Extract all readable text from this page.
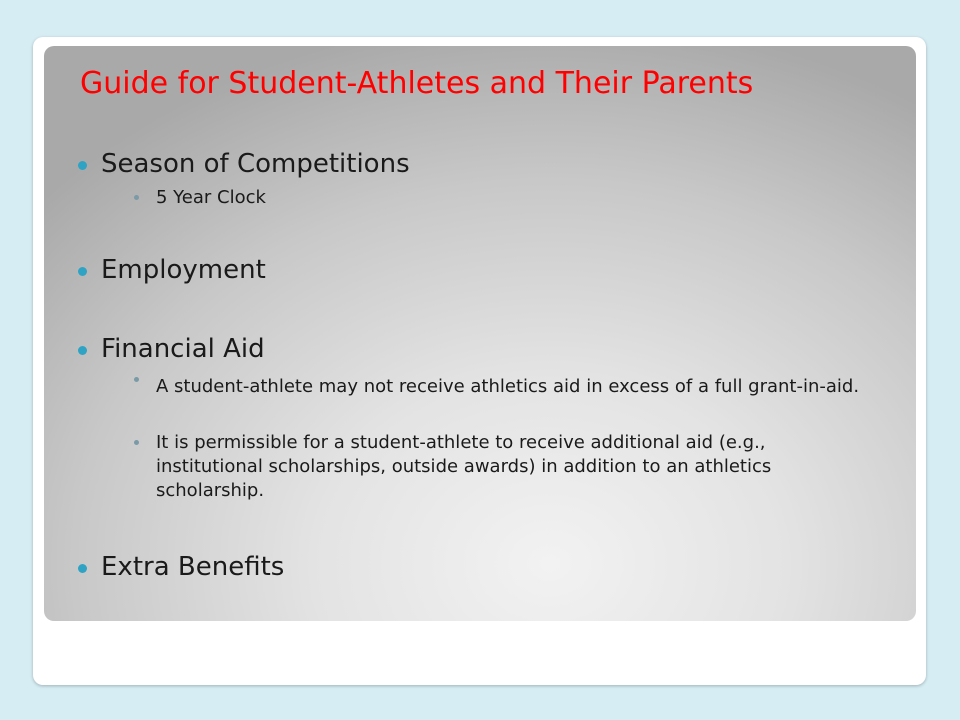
Guide for Student-Athletes and Their Parents
Season of Competitions
5 Year Clock
Employment
Financial Aid
A student-athlete may not receive athletics aid in excess of a full grant-in-aid.
It is permissible for a student-athlete to receive additional aid (e.g., institutional scholarships, outside awards) in addition to an athletics scholarship.
Extra Benefits
